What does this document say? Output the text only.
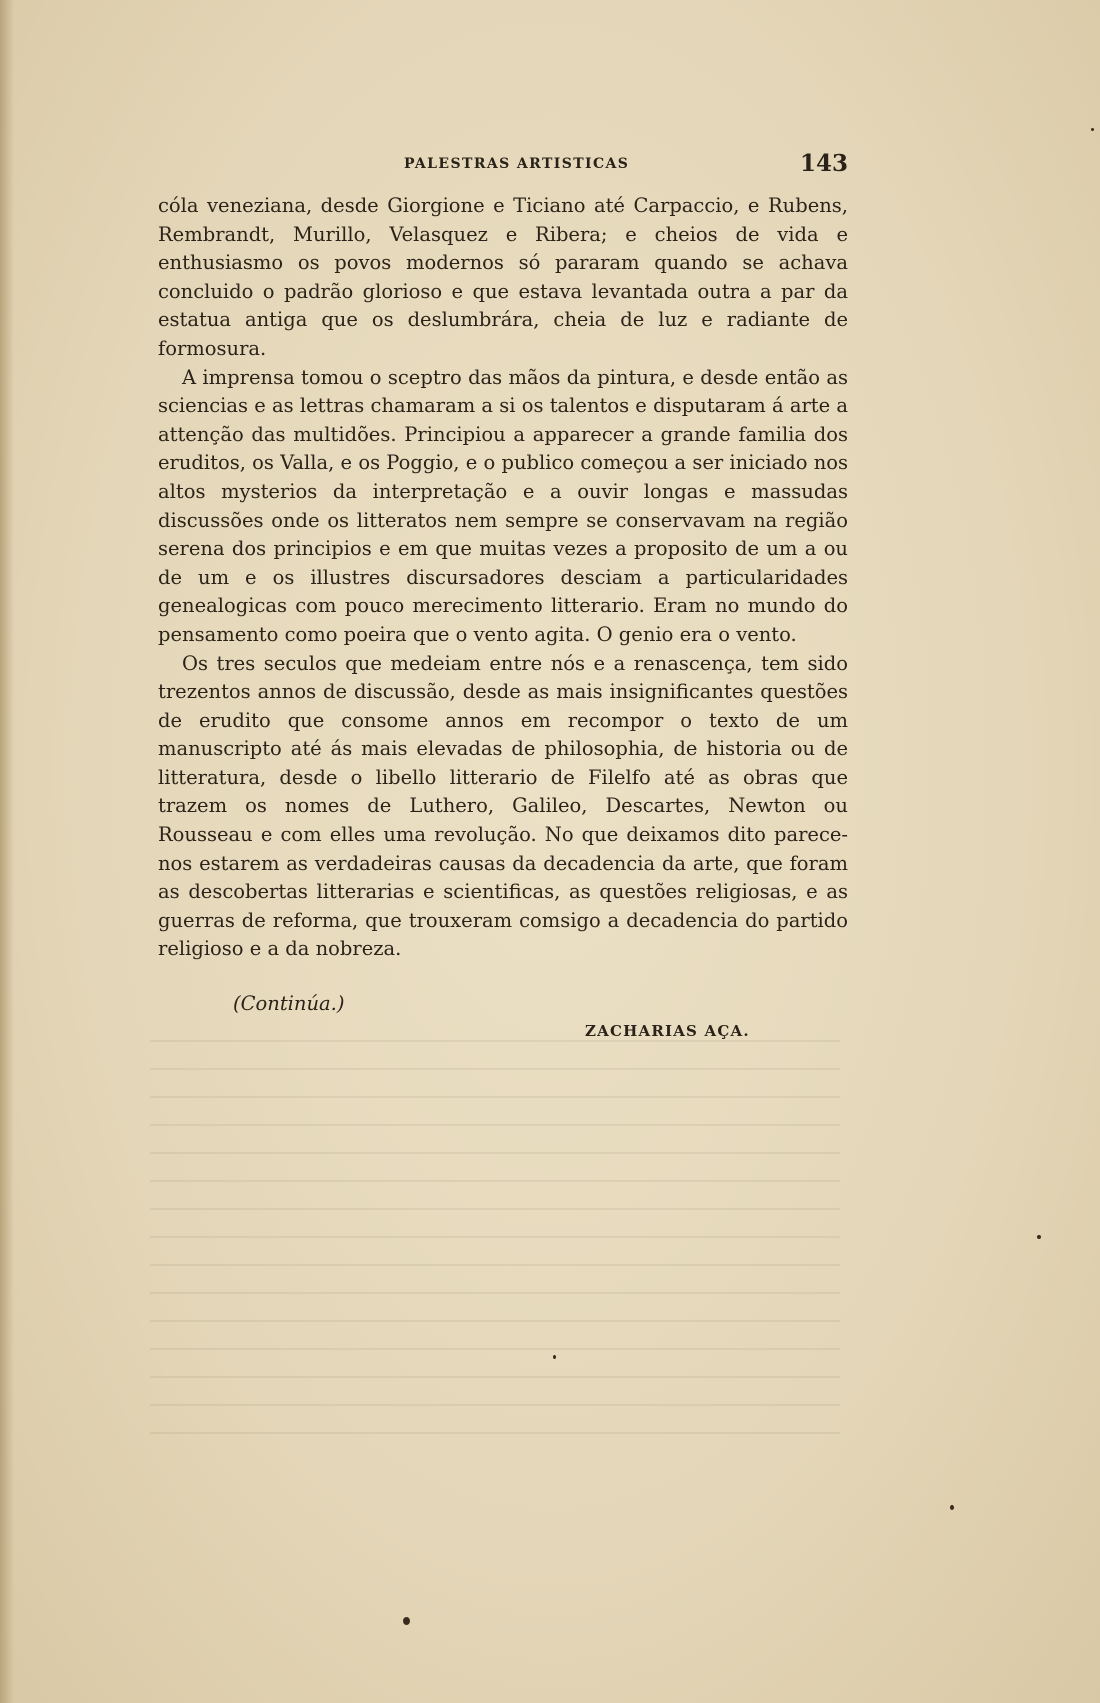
PALESTRAS ARTISTICAS	143

cóla veneziana, desde Giorgione e Ticiano até Carpaccio, e Rubens, Rembrandt, Murillo, Velasquez e Ribera; e cheios de vida e enthusiasmo os povos modernos só pararam quando se achava concluido o padrão glorioso e que estava levantada outra a par da estatua antiga que os deslumbrára, cheia de luz e radiante de formosura.

A imprensa tomou o sceptro das mãos da pintura, e desde então as sciencias e as lettras chamaram a si os talentos e disputaram á arte a attenção das multidões. Principiou a apparecer a grande familia dos eruditos, os Valla, e os Poggio, e o publico começou a ser iniciado nos altos mysterios da interpretação e a ouvir longas e massudas discussões onde os litteratos nem sempre se conservavam na região serena dos principios e em que muitas vezes a proposito de um a ou de um e os illustres discursadores desciam a particularidades genealogicas com pouco merecimento litterario. Eram no mundo do pensamento como poeira que o vento agita. O genio era o vento.

Os tres seculos que medeiam entre nós e a renascença, tem sido trezentos annos de discussão, desde as mais insignificantes questões de erudito que consome annos em recompor o texto de um manuscripto até ás mais elevadas de philosophia, de historia ou de litteratura, desde o libello litterario de Filelfo até as obras que trazem os nomes de Luthero, Galileo, Descartes, Newton ou Rousseau e com elles uma revolução. No que deixamos dito parece-nos estarem as verdadeiras causas da decadencia da arte, que foram as descobertas litterarias e scientificas, as questões religiosas, e as guerras de reforma, que trouxeram comsigo a decadencia do partido religioso e a da nobreza.

(Continúa.)
ZACHARIAS AÇA.
